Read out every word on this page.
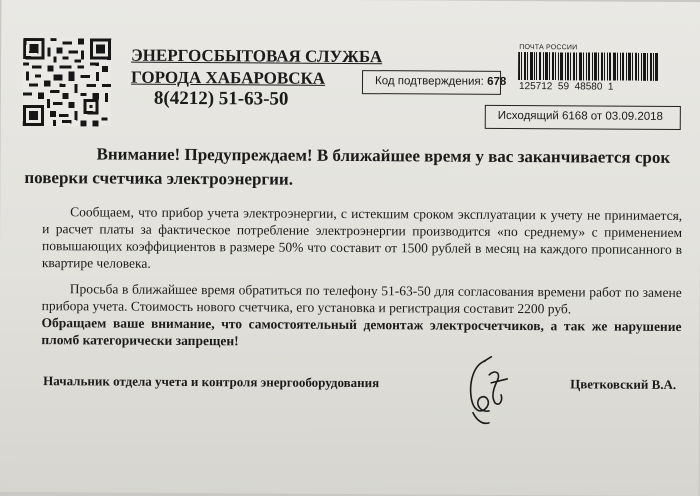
ЭНЕРГОСБЫТОВАЯ СЛУЖБА
ГОРОДА ХАБАРОВСКА
8(4212) 51-63-50
ПОЧТА РОССИИ
125712  59  48580  1
Код подтверждения: 678
Исходящий 6168 от 03.09.2018
Внимание! Предупреждаем! В ближайшее время у вас заканчивается срок
поверки счетчика электроэнергии.

Сообщаем, что прибор учета электроэнергии, с истекшим сроком эксплуатации к учету не принимается, и расчет платы за фактическое потребление электроэнергии производится «по среднему» с применением повышающих коэффициентов в размере 50% что составит от 1500 рублей в месяц на каждого прописанного в квартире человека.

Просьба в ближайшее время обратиться по телефону 51-63-50 для согласования времени работ по замене прибора учета. Стоимость нового счетчика, его установка и регистрация составит 2200 руб.

Обращаем ваше внимание, что самостоятельный демонтаж электросчетчиков, а так же нарушение пломб категорически запрещен!

Начальник отдела учета и контроля энергооборудования	Цветковский В.А.
